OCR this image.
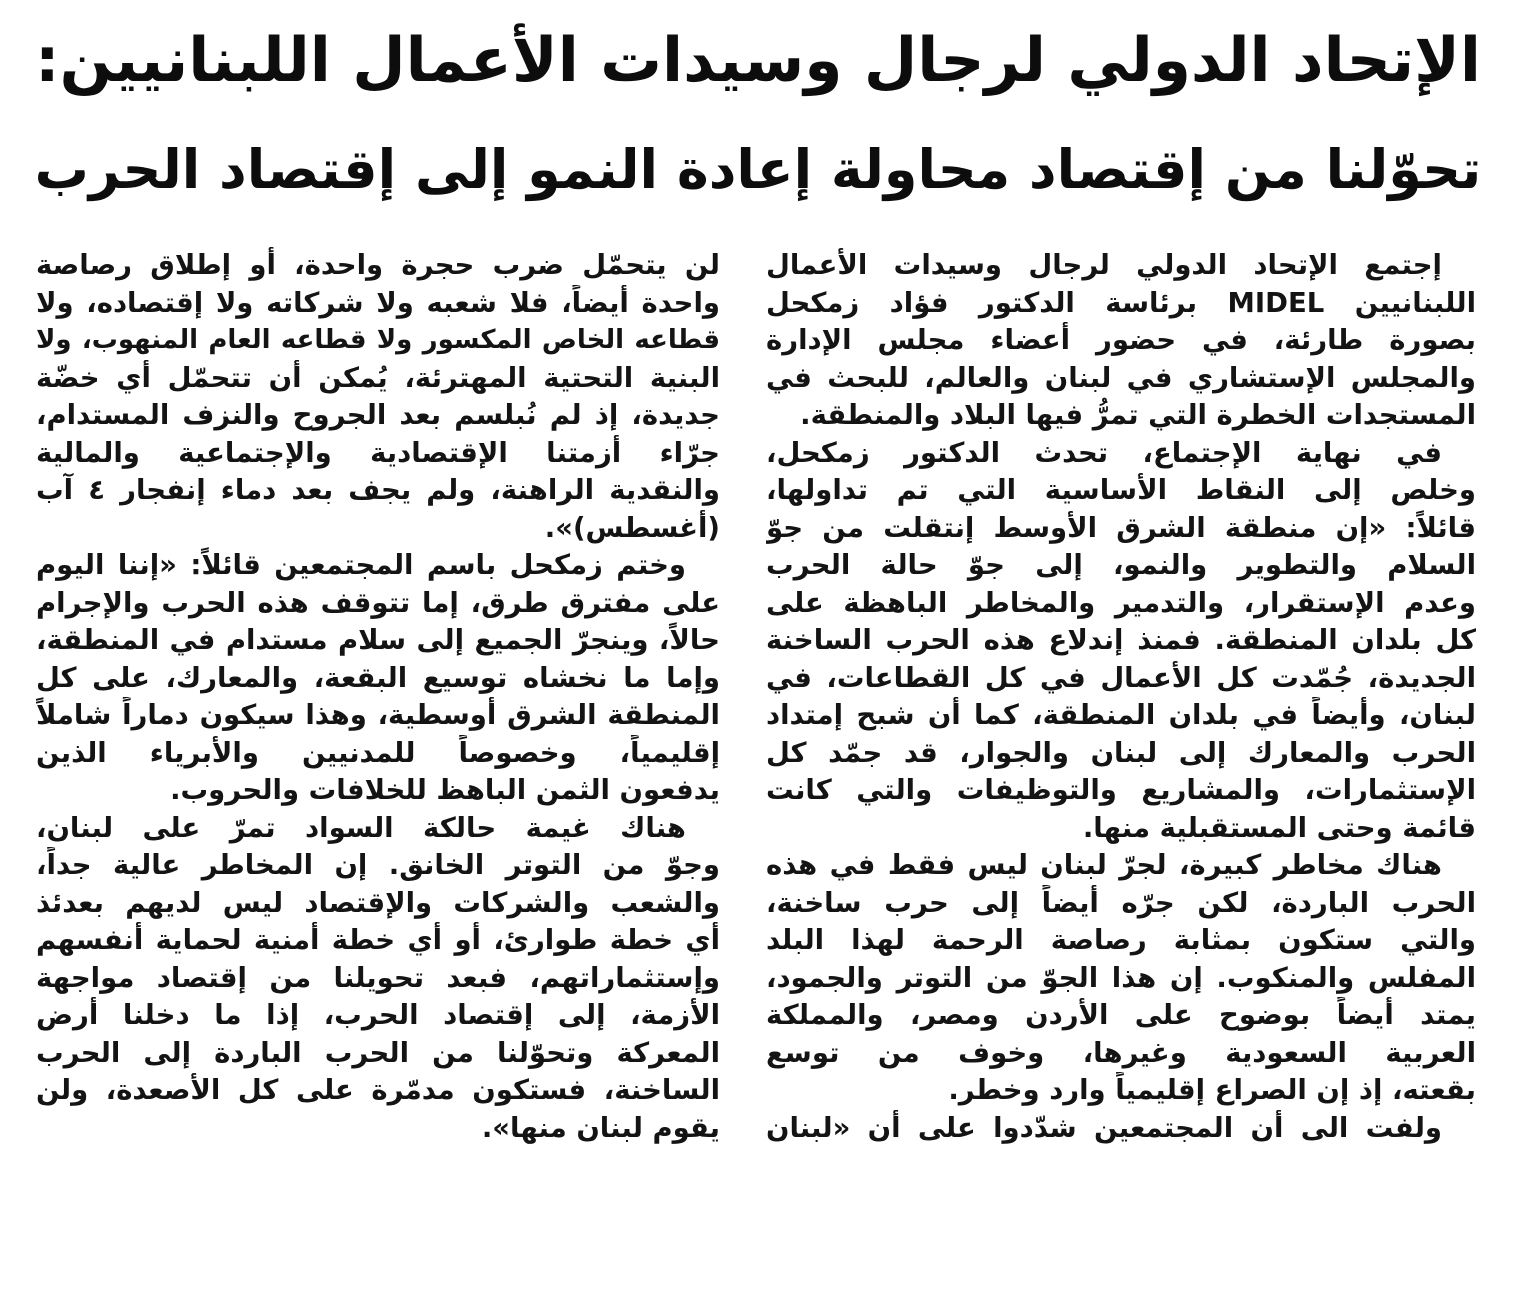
الإتحاد الدولي لرجال وسيدات الأعمال اللبنانيين:
تحوّلنا من إقتصاد محاولة إعادة النمو إلى إقتصاد الحرب
إجتمع الإتحاد الدولي لرجال وسيدات الأعمال
اللبنانيين MIDEL برئاسة الدكتور فؤاد زمكحل
بصورة طارئة، في حضور أعضاء مجلس الإدارة
والمجلس الإستشاري في لبنان والعالم، للبحث في
المستجدات الخطرة التي تمرُّ فيها البلاد والمنطقة.
في نهاية الإجتماع، تحدث الدكتور زمكحل،
وخلص إلى النقاط الأساسية التي تم تداولها،
قائلاً: «إن منطقة الشرق الأوسط إنتقلت من جوّ
السلام والتطوير والنمو، إلى جوّ حالة الحرب
وعدم الإستقرار، والتدمير والمخاطر الباهظة على
كل بلدان المنطقة. فمنذ إندلاع هذه الحرب الساخنة
الجديدة، جُمّدت كل الأعمال في كل القطاعات، في
لبنان، وأيضاً في بلدان المنطقة، كما أن شبح إمتداد
الحرب والمعارك إلى لبنان والجوار، قد جمّد كل
الإستثمارات، والمشاريع والتوظيفات والتي كانت
قائمة وحتى المستقبلية منها.
هناك مخاطر كبيرة، لجرّ لبنان ليس فقط في هذه
الحرب الباردة، لكن جرّه أيضاً إلى حرب ساخنة،
والتي ستكون بمثابة رصاصة الرحمة لهذا البلد
المفلس والمنكوب. إن هذا الجوّ من التوتر والجمود،
يمتد أيضاً بوضوح على الأردن ومصر، والمملكة
العربية السعودية وغيرها، وخوف من توسع
بقعته، إذ إن الصراع إقليمياً وارد وخطر.
ولفت الى أن المجتمعين شدّدوا على أن «لبنان
لن يتحمّل ضرب حجرة واحدة، أو إطلاق رصاصة
واحدة أيضاً، فلا شعبه ولا شركاته ولا إقتصاده، ولا
قطاعه الخاص المكسور ولا قطاعه العام المنهوب، ولا
البنية التحتية المهترئة، يُمكن أن تتحمّل أي خضّة
جديدة، إذ لم نُبلسم بعد الجروح والنزف المستدام،
جرّاء أزمتنا الإقتصادية والإجتماعية والمالية
والنقدية الراهنة، ولم يجف بعد دماء إنفجار ٤ آب
(أغسطس)».
وختم زمكحل باسم المجتمعين قائلاً: «إننا اليوم
على مفترق طرق، إما تتوقف هذه الحرب والإجرام
حالاً، وينجرّ الجميع إلى سلام مستدام في المنطقة،
وإما ما نخشاه توسيع البقعة، والمعارك، على كل
المنطقة الشرق أوسطية، وهذا سيكون دماراً شاملاً
إقليمياً، وخصوصاً للمدنيين والأبرياء الذين
يدفعون الثمن الباهظ للخلافات والحروب.
هناك غيمة حالكة السواد تمرّ على لبنان،
وجوّ من التوتر الخانق. إن المخاطر عالية جداً،
والشعب والشركات والإقتصاد ليس لديهم بعدئذ
أي خطة طوارئ، أو أي خطة أمنية لحماية أنفسهم
وإستثماراتهم، فبعد تحويلنا من إقتصاد مواجهة
الأزمة، إلى إقتصاد الحرب، إذا ما دخلنا أرض
المعركة وتحوّلنا من الحرب الباردة إلى الحرب
الساخنة، فستكون مدمّرة على كل الأصعدة، ولن
يقوم لبنان منها».
